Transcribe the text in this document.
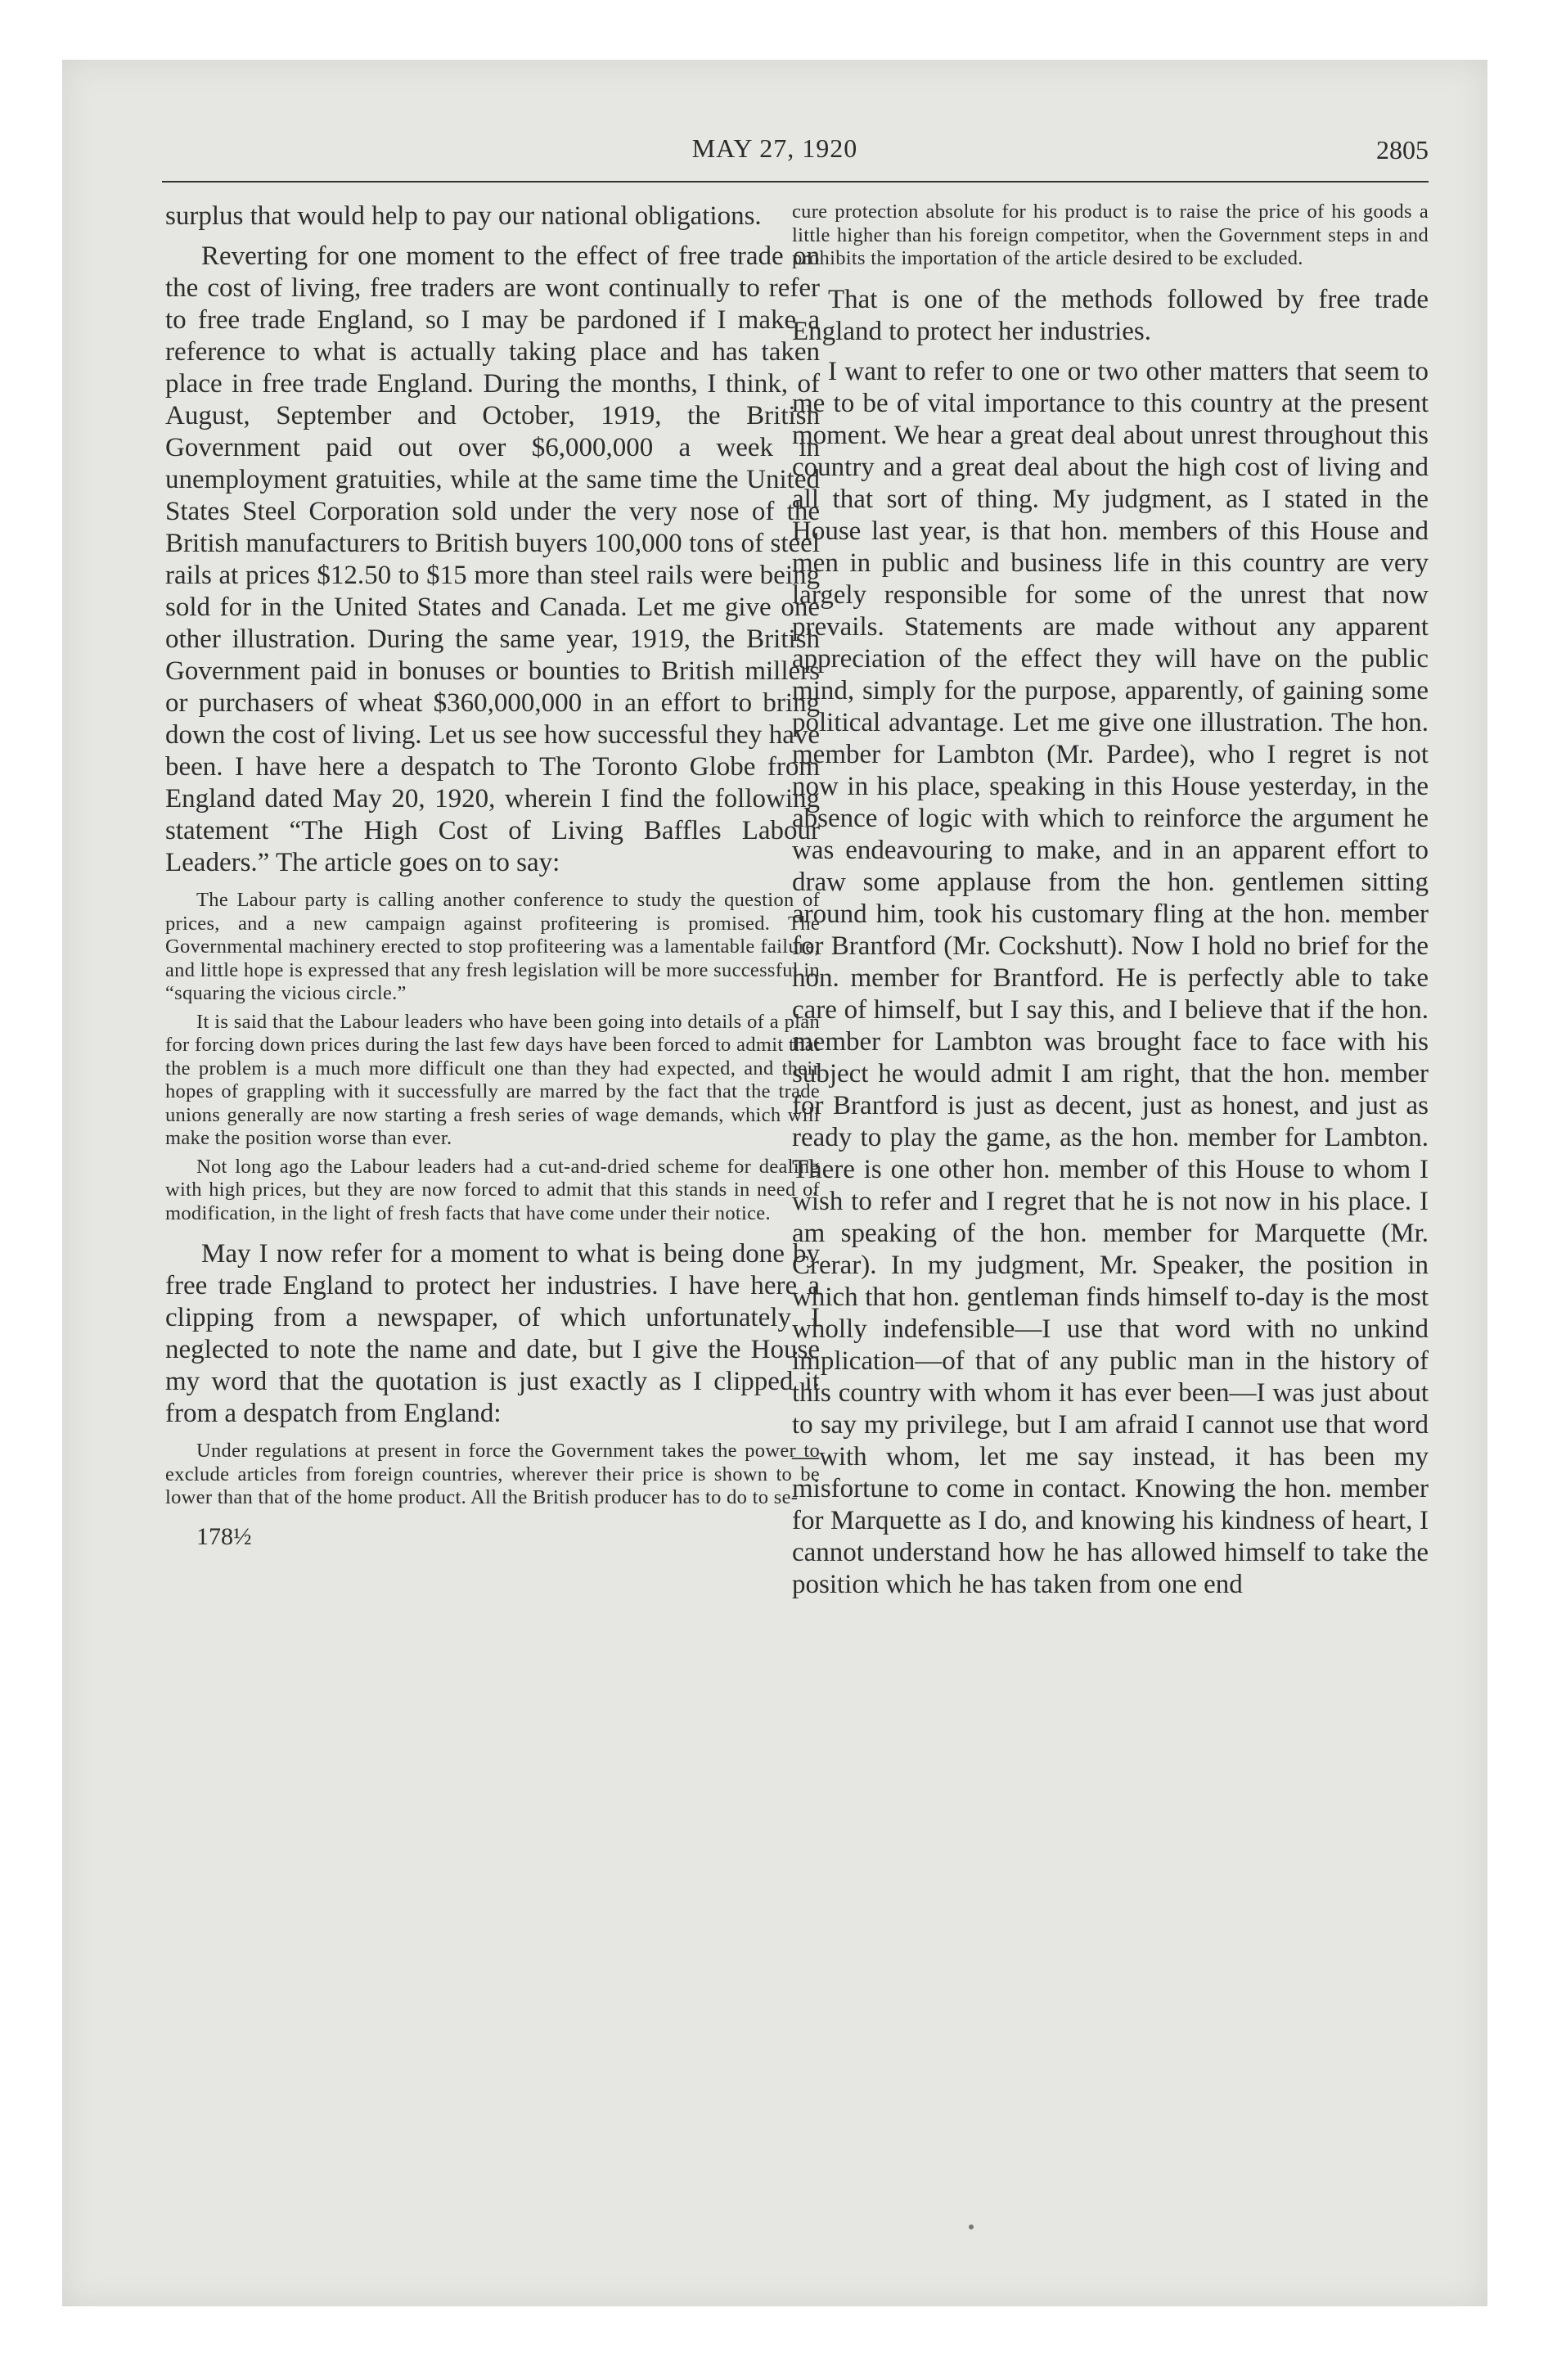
MAY 27, 1920	2805

surplus that would help to pay our national obligations.

Reverting for one moment to the effect of free trade on the cost of living, free traders are wont continually to refer to free trade England, so I may be pardoned if I make a reference to what is actually taking place and has taken place in free trade England. During the months, I think, of August, September and October, 1919, the British Government paid out over $6,000,000 a week in unemployment gratuities, while at the same time the United States Steel Corporation sold under the very nose of the British manufacturers to British buyers 100,000 tons of steel rails at prices $12.50 to $15 more than steel rails were being sold for in the United States and Canada. Let me give one other illustration. During the same year, 1919, the British Government paid in bonuses or bounties to British millers or purchasers of wheat $360,000,000 in an effort to bring down the cost of living. Let us see how successful they have been. I have here a despatch to The Toronto Globe from England dated May 20, 1920, wherein I find the following statement “The High Cost of Living Baffles Labour Leaders.” The article goes on to say:

The Labour party is calling another conference to study the question of prices, and a new campaign against profiteering is promised. The Governmental machinery erected to stop profiteering was a lamentable failure, and little hope is expressed that any fresh legislation will be more successful in “squaring the vicious circle.”

It is said that the Labour leaders who have been going into details of a plan for forcing down prices during the last few days have been forced to admit that the problem is a much more difficult one than they had expected, and their hopes of grappling with it successfully are marred by the fact that the trade unions generally are now starting a fresh series of wage demands, which will make the position worse than ever.

Not long ago the Labour leaders had a cut-and-dried scheme for dealing with high prices, but they are now forced to admit that this stands in need of modification, in the light of fresh facts that have come under their notice.

May I now refer for a moment to what is being done by free trade England to protect her industries. I have here a clipping from a newspaper, of which unfortunately I neglected to note the name and date, but I give the House my word that the quotation is just exactly as I clipped it from a despatch from England:

Under regulations at present in force the Government takes the power to exclude articles from foreign countries, wherever their price is shown to be lower than that of the home product. All the British producer has to do to se-

178½

cure protection absolute for his product is to raise the price of his goods a little higher than his foreign competitor, when the Government steps in and prohibits the importation of the article desired to be excluded.

That is one of the methods followed by free trade England to protect her industries.

I want to refer to one or two other matters that seem to me to be of vital importance to this country at the present moment. We hear a great deal about unrest throughout this country and a great deal about the high cost of living and all that sort of thing. My judgment, as I stated in the House last year, is that hon. members of this House and men in public and business life in this country are very largely responsible for some of the unrest that now prevails. Statements are made without any apparent appreciation of the effect they will have on the public mind, simply for the purpose, apparently, of gaining some political advantage. Let me give one illustration. The hon. member for Lambton (Mr. Pardee), who I regret is not now in his place, speaking in this House yesterday, in the absence of logic with which to reinforce the argument he was endeavouring to make, and in an apparent effort to draw some applause from the hon. gentlemen sitting around him, took his customary fling at the hon. member for Brantford (Mr. Cockshutt). Now I hold no brief for the hon. member for Brantford. He is perfectly able to take care of himself, but I say this, and I believe that if the hon. member for Lambton was brought face to face with his subject he would admit I am right, that the hon. member for Brantford is just as decent, just as honest, and just as ready to play the game, as the hon. member for Lambton. There is one other hon. member of this House to whom I wish to refer and I regret that he is not now in his place. I am speaking of the hon. member for Marquette (Mr. Crerar). In my judgment, Mr. Speaker, the position in which that hon. gentleman finds himself to-day is the most wholly indefensible—I use that word with no unkind implication—of that of any public man in the history of this country with whom it has ever been—I was just about to say my privilege, but I am afraid I cannot use that word—with whom, let me say instead, it has been my misfortune to come in contact. Knowing the hon. member for Marquette as I do, and knowing his kindness of heart, I cannot understand how he has allowed himself to take the position which he has taken from one end
